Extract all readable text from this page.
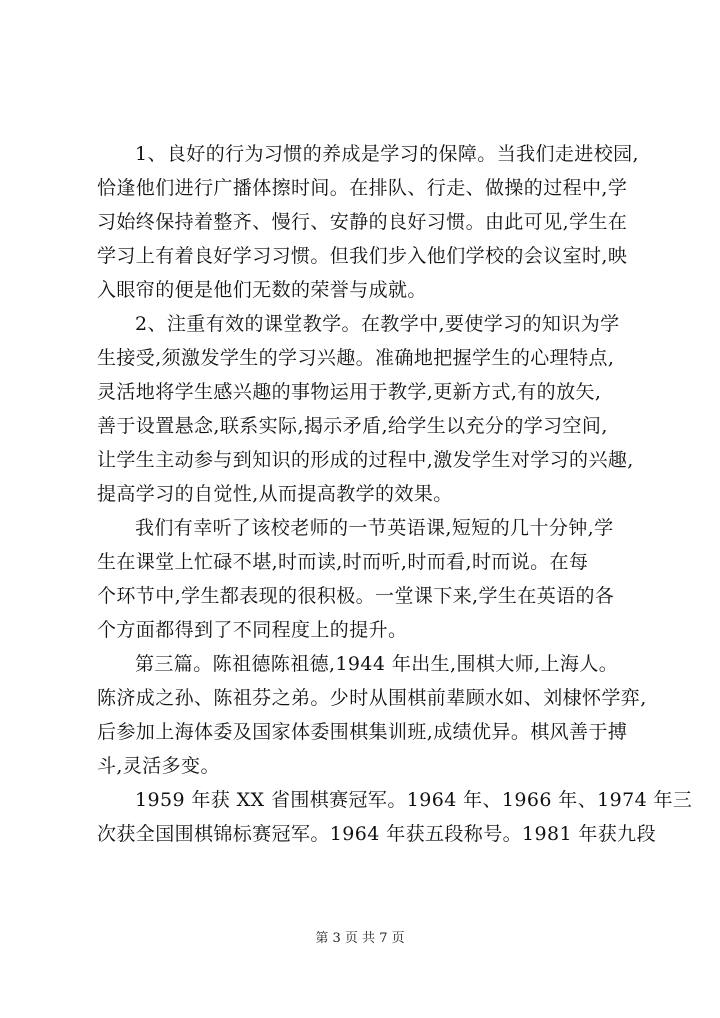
1、良好的行为习惯的养成是学习的保障。当我们走进校园,
恰逢他们进行广播体擦时间。在排队、行走、做操的过程中,学
习始终保持着整齐、慢行、安静的良好习惯。由此可见,学生在
学习上有着良好学习习惯。但我们步入他们学校的会议室时,映
入眼帘的便是他们无数的荣誉与成就。
2、注重有效的课堂教学。在教学中,要使学习的知识为学
生接受,须激发学生的学习兴趣。准确地把握学生的心理特点,
灵活地将学生感兴趣的事物运用于教学,更新方式,有的放矢,
善于设置悬念,联系实际,揭示矛盾,给学生以充分的学习空间,
让学生主动参与到知识的形成的过程中,激发学生对学习的兴趣,
提高学习的自觉性,从而提高教学的效果。
我们有幸听了该校老师的一节英语课,短短的几十分钟,学
生在课堂上忙碌不堪,时而读,时而听,时而看,时而说。在每
个环节中,学生都表现的很积极。一堂课下来,学生在英语的各
个方面都得到了不同程度上的提升。
第三篇。陈祖德陈祖德,1944 年出生,围棋大师,上海人。
陈济成之孙、陈祖芬之弟。少时从围棋前辈顾水如、刘棣怀学弈,
后参加上海体委及国家体委围棋集训班,成绩优异。棋风善于搏
斗,灵活多变。
1959 年获 XX 省围棋赛冠军。1964 年、1966 年、1974 年三
次获全国围棋锦标赛冠军。1964 年获五段称号。1981 年获九段
第 3 页 共 7 页
